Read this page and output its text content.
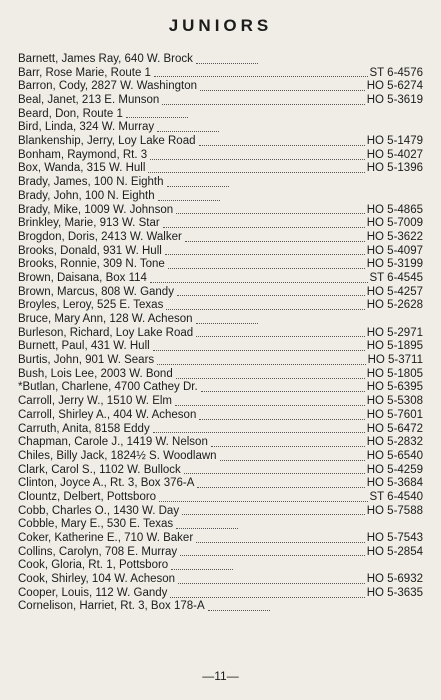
JUNIORS
Barnett, James Ray, 640 W. Brock
Barr, Rose Marie, Route 1	ST 6-4576
Barron, Cody, 2827 W. Washington	HO 5-6274
Beal, Janet, 213 E. Munson	HO 5-3619
Beard, Don, Route 1
Bird, Linda, 324 W. Murray
Blankenship, Jerry, Loy Lake Road	HO 5-1479
Bonham, Raymond, Rt. 3	HO 5-4027
Box, Wanda, 315 W. Hull	HO 5-1396
Brady, James, 100 N. Eighth
Brady, John, 100 N. Eighth
Brady, Mike, 1009 W. Johnson	HO 5-4865
Brinkley, Marie, 913 W. Star	HO 5-7009
Brogdon, Doris, 2413 W. Walker	HO 5-3622
Brooks, Donald, 931 W. Hull	HO 5-4097
Brooks, Ronnie, 309 N. Tone	HO 5-3199
Brown, Daisana, Box 114	ST 6-4545
Brown, Marcus, 808 W. Gandy	HO 5-4257
Broyles, Leroy, 525 E. Texas	HO 5-2628
Bruce, Mary Ann, 128 W. Acheson
Burleson, Richard, Loy Lake Road	HO 5-2971
Burnett, Paul, 431 W. Hull	HO 5-1895
Burtis, John, 901 W. Sears	HO 5-3711
Bush, Lois Lee, 2003 W. Bond	HO 5-1805
*Butlan, Charlene, 4700 Cathey Dr.	HO 5-6395
Carroll, Jerry W., 1510 W. Elm	HO 5-5308
Carroll, Shirley A., 404 W. Acheson	HO 5-7601
Carruth, Anita, 8158 Eddy	HO 5-6472
Chapman, Carole J., 1419 W. Nelson	HO 5-2832
Chiles, Billy Jack, 1824½ S. Woodlawn	HO 5-6540
Clark, Carol S., 1102 W. Bullock	HO 5-4259
Clinton, Joyce A., Rt. 3, Box 376-A	HO 5-3684
Clountz, Delbert, Pottsboro	ST 6-4540
Cobb, Charles O., 1430 W. Day	HO 5-7588
Cobble, Mary E., 530 E. Texas
Coker, Katherine E., 710 W. Baker	HO 5-7543
Collins, Carolyn, 708 E. Murray	HO 5-2854
Cook, Gloria, Rt. 1, Pottsboro
Cook, Shirley, 104 W. Acheson	HO 5-6932
Cooper, Louis, 112 W. Gandy	HO 5-3635
Cornelison, Harriet, Rt. 3, Box 178-A
—11—
